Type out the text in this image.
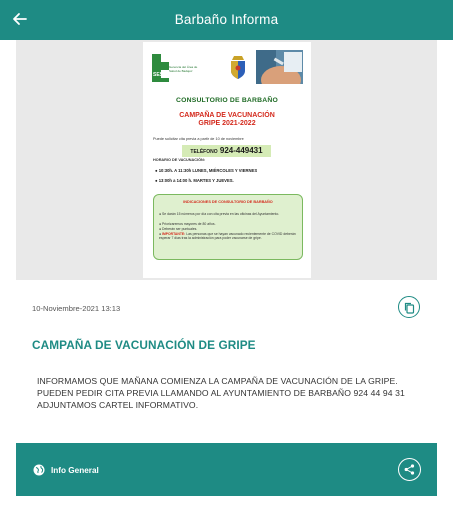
Barbaño Informa
SES
Gerencia del Área de Salud de Badajoz
CONSULTORIO DE BARBAÑO
CAMPAÑA DE VACUNACIÓN
GRIPE 2021-2022
Puede solicitar cita previa a partir de 10 de noviembre
TELÉFONO 924-449431
HORARIO DE VACUNACIÓN:
● 10:30h. A 11:30h LUNES, MIÉRCOLES Y VIERNES
● 13:00h a 14:00 h. MARTES Y JUEVES.
INDICACIONES DE CONSULTORIO DE BARBAÑO
● Se darán 15 números por día con cita previa en las oficinas del Ayuntamiento.
● Priorizaremos mayores de 80 años.
● Deberán ser puntuales.
● IMPORTANTE: Las personas que se hayan vacunado recientemente de COVID deberán esperar 7 días tras la administración para poder vacunarse de gripe.
10-Noviembre-2021 13:13
CAMPAÑA DE VACUNACIÓN DE GRIPE
INFORMAMOS QUE MAÑANA COMIENZA LA CAMPAÑA DE VACUNACIÓN DE LA GRIPE. PUEDEN PEDIR CITA PREVIA LLAMANDO AL AYUNTAMIENTO DE BARBAÑO 924 44 94 31 ADJUNTAMOS CARTEL INFORMATIVO.
Info General
